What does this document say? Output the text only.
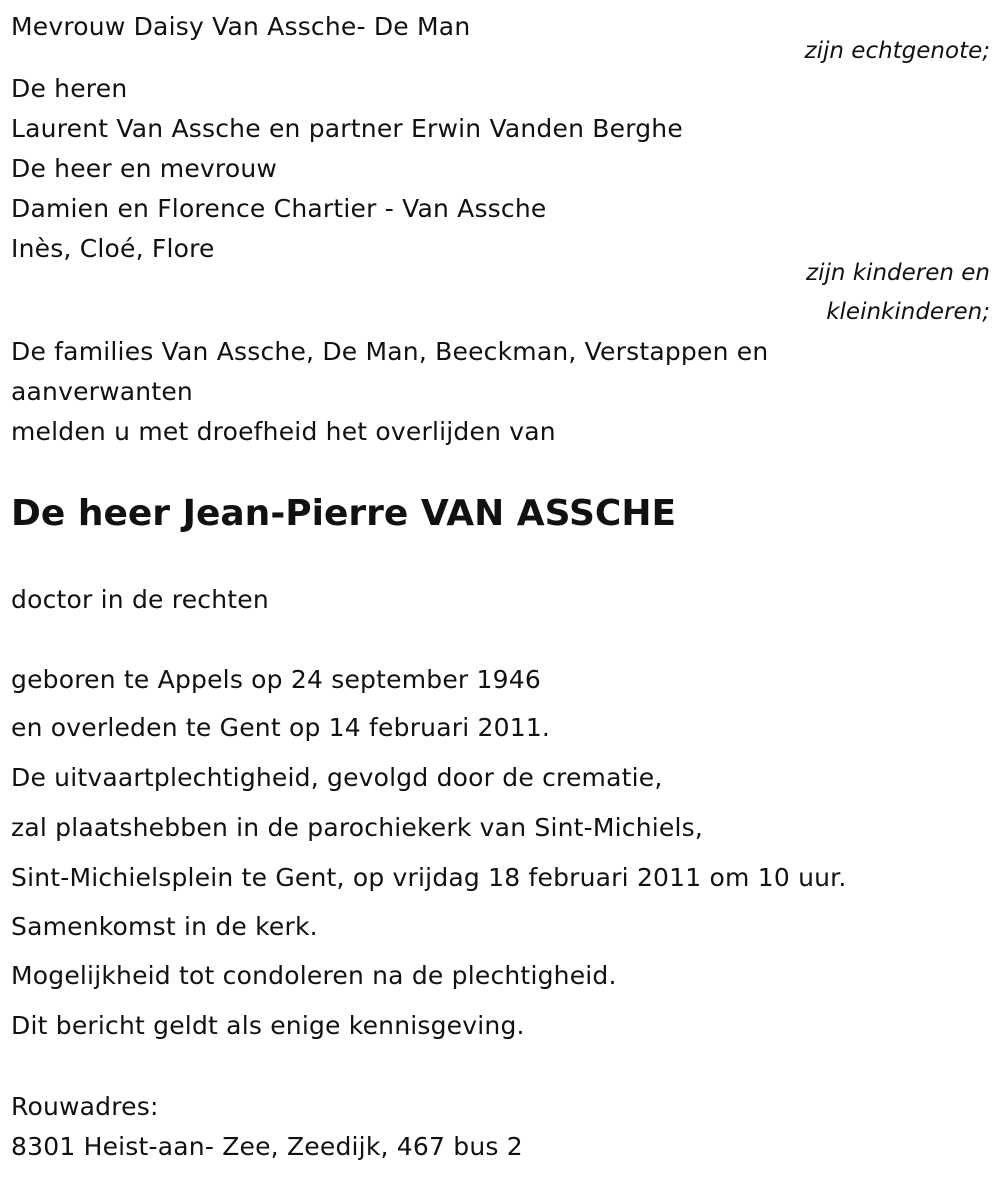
Mevrouw Daisy Van Assche- De Man
zijn echtgenote;
De heren
Laurent Van Assche en partner Erwin Vanden Berghe
De heer en mevrouw
Damien en Florence Chartier - Van Assche
Inès, Cloé, Flore
zijn kinderen en
kleinkinderen;
De families Van Assche, De Man, Beeckman, Verstappen en
aanverwanten
melden u met droefheid het overlijden van
De heer Jean-Pierre VAN ASSCHE
doctor in de rechten
geboren te Appels op 24 september 1946
en overleden te Gent op 14 februari 2011.
De uitvaartplechtigheid, gevolgd door de crematie,
zal plaatshebben in de parochiekerk van Sint-Michiels,
Sint-Michielsplein te Gent, op vrijdag 18 februari 2011 om 10 uur.
Samenkomst in de kerk.
Mogelijkheid tot condoleren na de plechtigheid.
Dit bericht geldt als enige kennisgeving.
Rouwadres:
8301 Heist-aan- Zee, Zeedijk, 467 bus 2
